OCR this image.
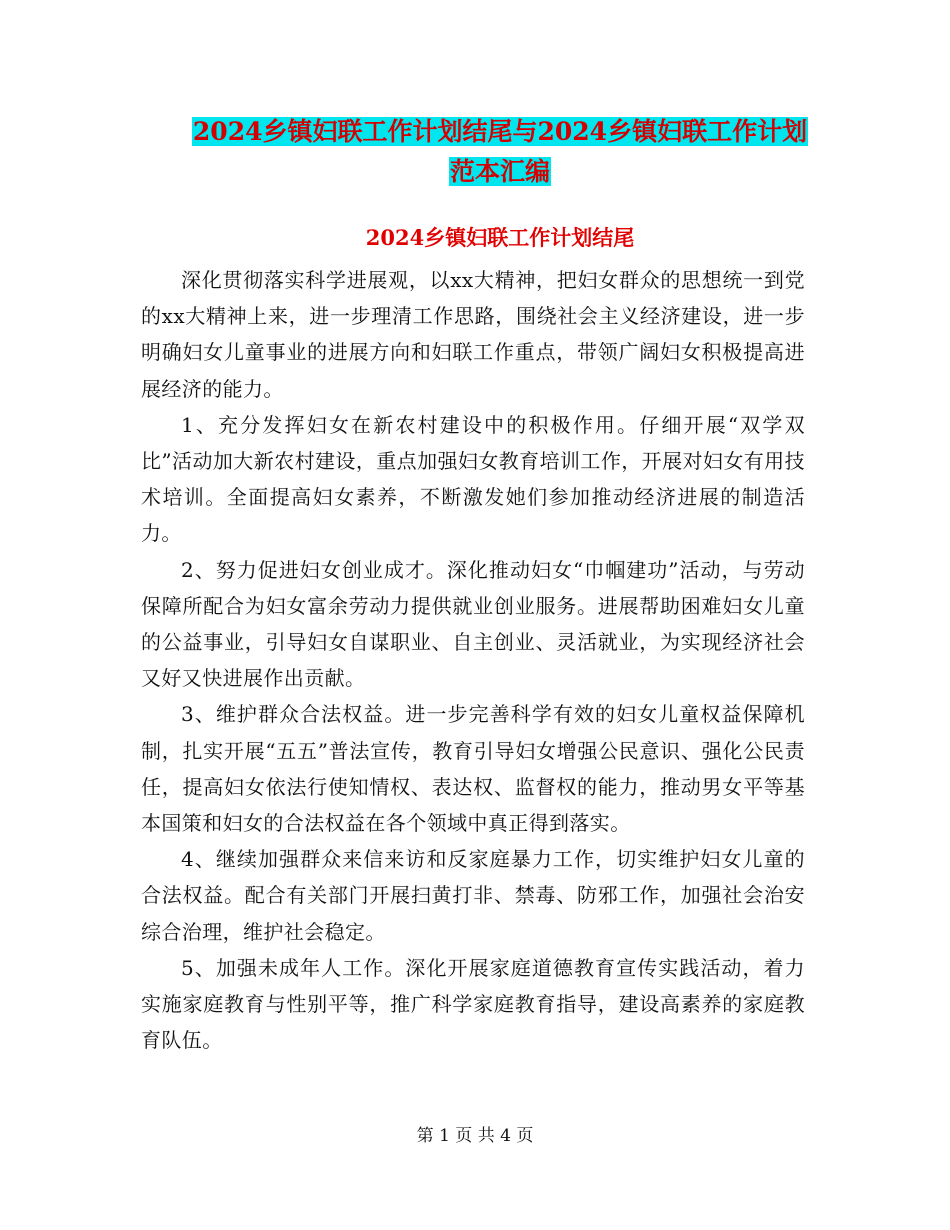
2024乡镇妇联工作计划结尾与2024乡镇妇联工作计划
范本汇编
2024乡镇妇联工作计划结尾

深化贯彻落实科学进展观，以xx大精神，把妇女群众的思想统一到党的xx大精神上来，进一步理清工作思路，围绕社会主义经济建设，进一步明确妇女儿童事业的进展方向和妇联工作重点，带领广阔妇女积极提高进展经济的能力。

1、充分发挥妇女在新农村建设中的积极作用。仔细开展“双学双比”活动加大新农村建设，重点加强妇女教育培训工作，开展对妇女有用技术培训。全面提高妇女素养，不断激发她们参加推动经济进展的制造活力。

2、努力促进妇女创业成才。深化推动妇女“巾帼建功”活动，与劳动保障所配合为妇女富余劳动力提供就业创业服务。进展帮助困难妇女儿童的公益事业，引导妇女自谋职业、自主创业、灵活就业，为实现经济社会又好又快进展作出贡献。

3、维护群众合法权益。进一步完善科学有效的妇女儿童权益保障机制，扎实开展“五五”普法宣传，教育引导妇女增强公民意识、强化公民责任，提高妇女依法行使知情权、表达权、监督权的能力，推动男女平等基本国策和妇女的合法权益在各个领域中真正得到落实。

4、继续加强群众来信来访和反家庭暴力工作，切实维护妇女儿童的合法权益。配合有关部门开展扫黄打非、禁毒、防邪工作，加强社会治安综合治理，维护社会稳定。

5、加强未成年人工作。深化开展家庭道德教育宣传实践活动，着力实施家庭教育与性别平等，推广科学家庭教育指导，建设高素养的家庭教育队伍。

第 1 页 共 4 页
